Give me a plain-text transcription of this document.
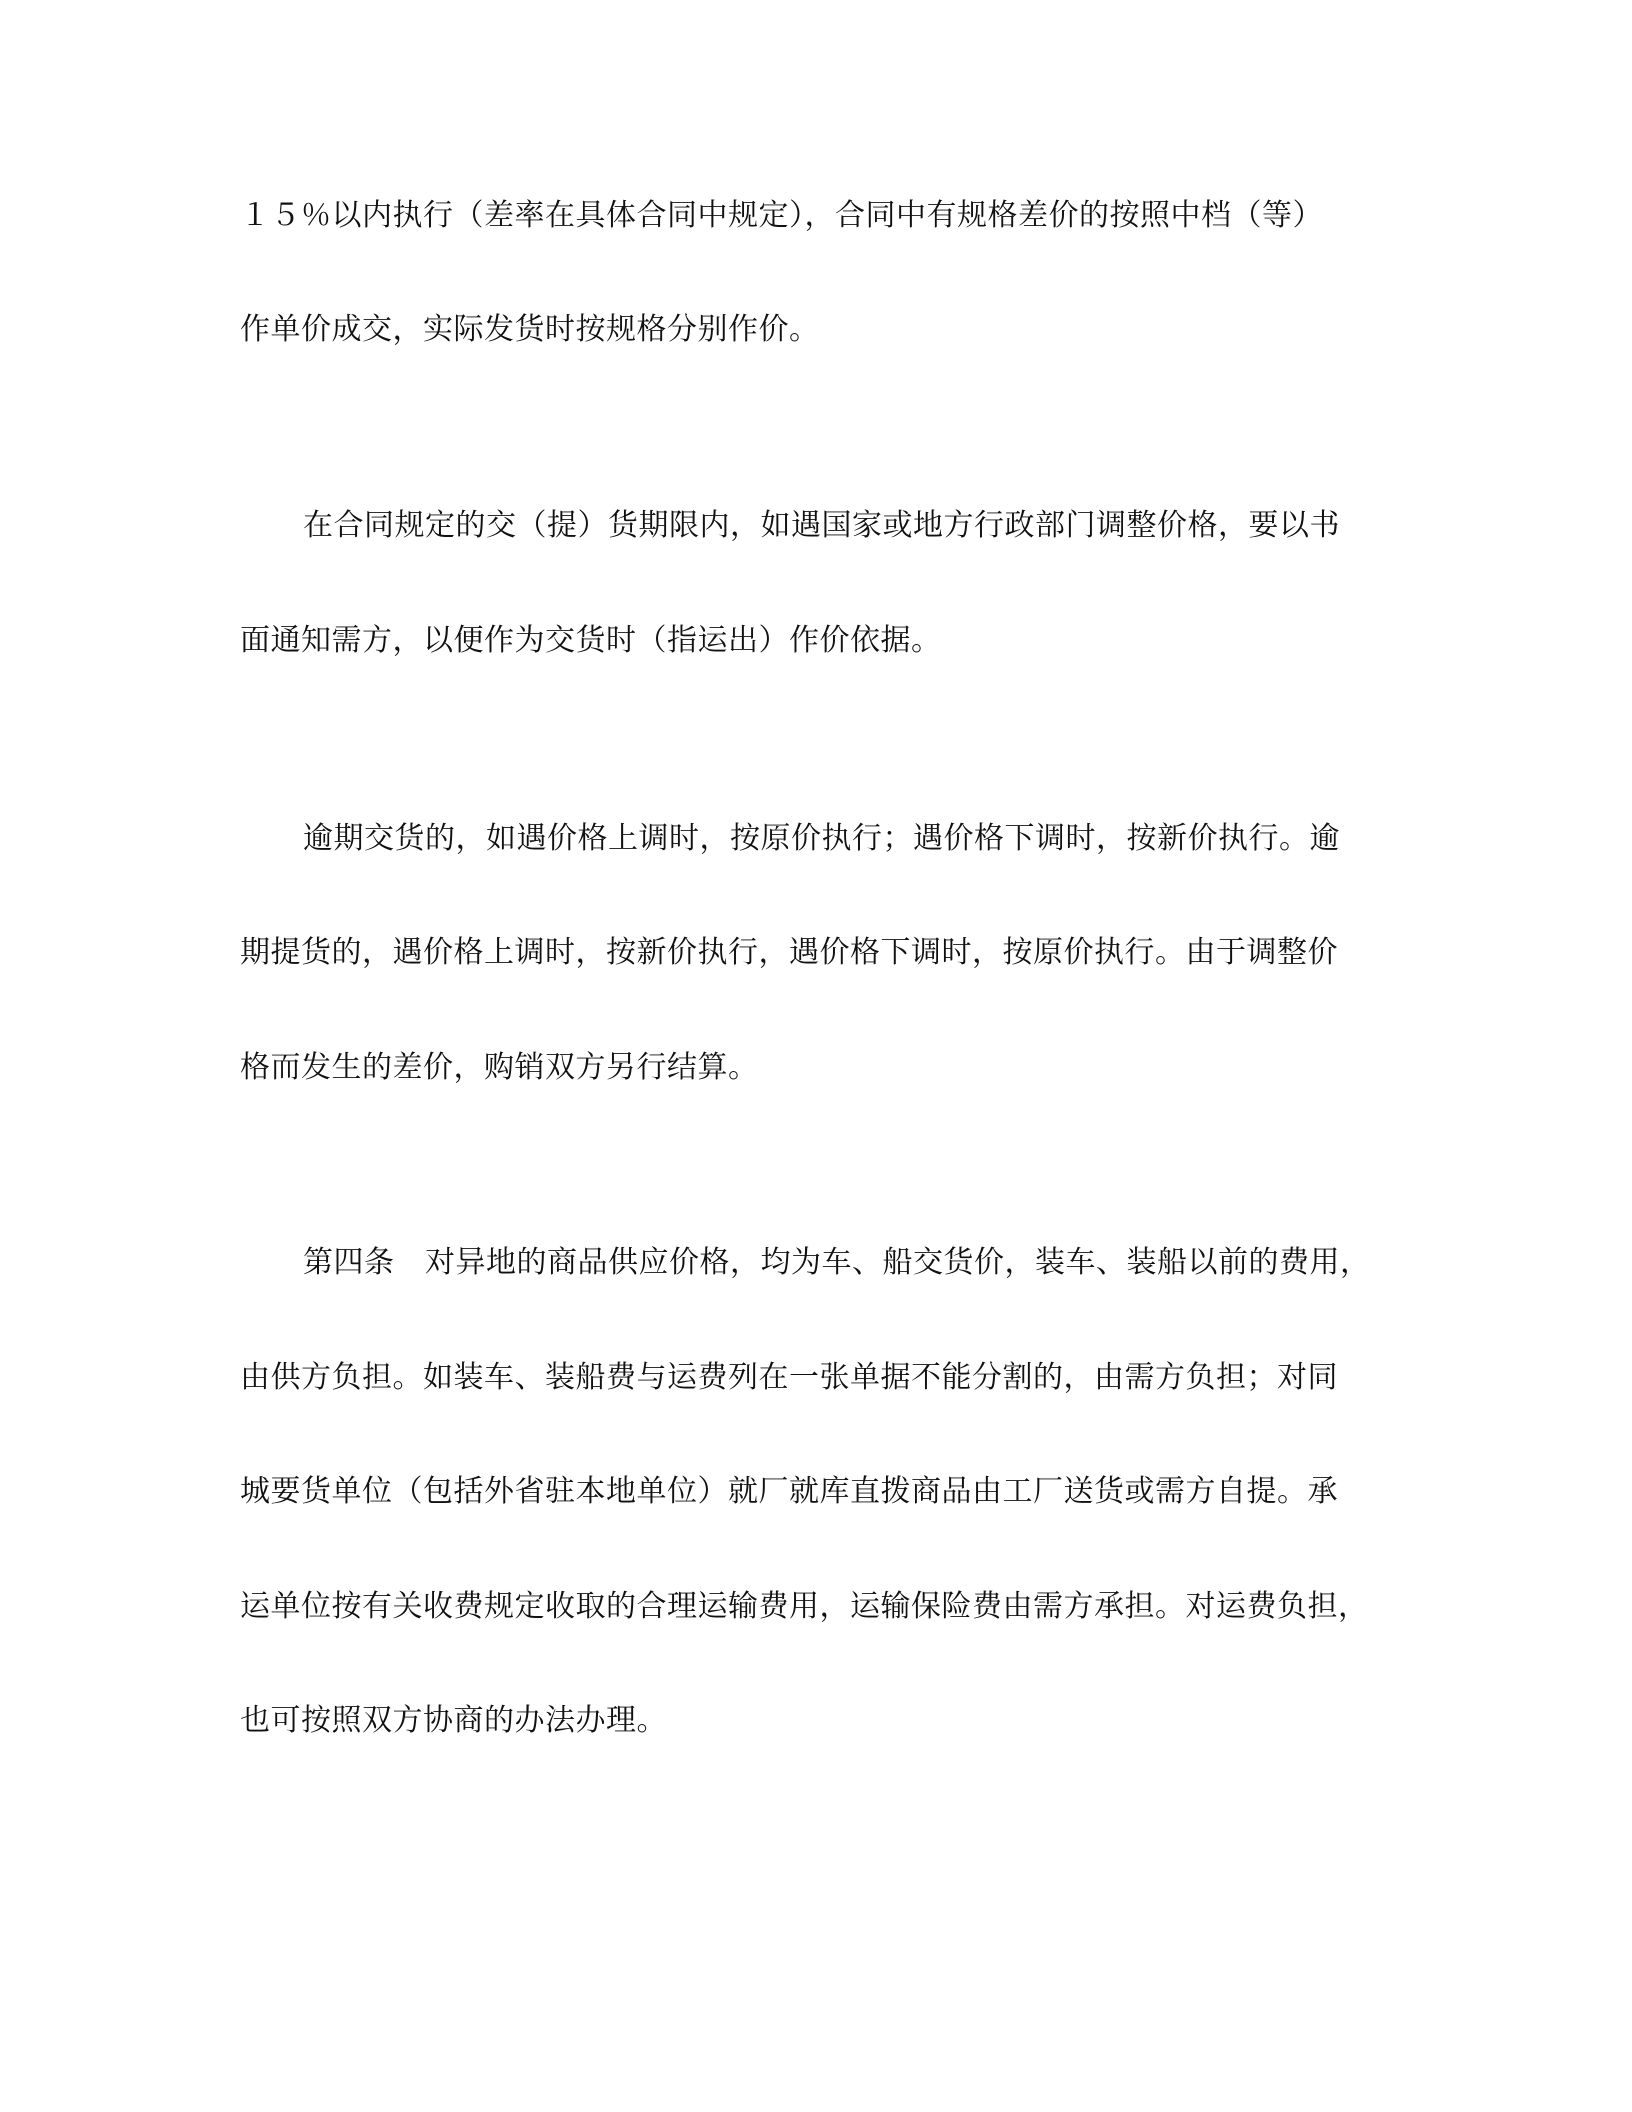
１５％以内执行（差率在具体合同中规定），合同中有规格差价的按照中档（等）
作单价成交，实际发货时按规格分别作价。
在合同规定的交（提）货期限内，如遇国家或地方行政部门调整价格，要以书
面通知需方，以便作为交货时（指运出）作价依据。
逾期交货的，如遇价格上调时，按原价执行；遇价格下调时，按新价执行。逾
期提货的，遇价格上调时，按新价执行，遇价格下调时，按原价执行。由于调整价
格而发生的差价，购销双方另行结算。
第四条　对异地的商品供应价格，均为车、船交货价，装车、装船以前的费用，
由供方负担。如装车、装船费与运费列在一张单据不能分割的，由需方负担；对同
城要货单位（包括外省驻本地单位）就厂就库直拨商品由工厂送货或需方自提。承
运单位按有关收费规定收取的合理运输费用，运输保险费由需方承担。对运费负担，
也可按照双方协商的办法办理。
